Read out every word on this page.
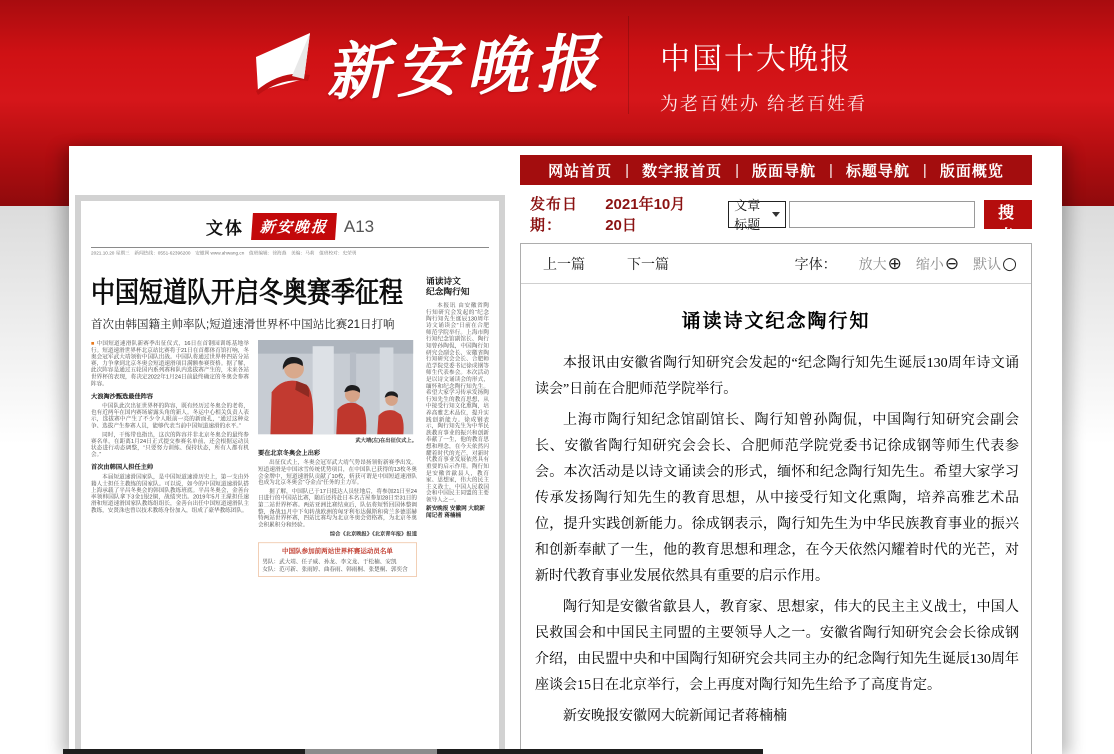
新安晚报 中国十大晚报
为老百姓办 给老百姓看
文体	新安晚报 A13
2021.10.20 星期三　新闻热线：0551-62396200　安徽网 www.ahwang.cn　值班编辑：徐海燕　美编：马莉　值班校对：史荣勇
中国短道队开启冬奥赛季征程
首次由韩国籍主帅率队;短道速滑世界杯中国站比赛21日打响

■ 中国短道速滑队新赛季出征仪式，16日在首钢园训练基地举行。短道速滑世界杯北京站比赛将于21日在首都体育馆打响，冬奥会冠军武大靖领衔中国队出战。中国队将通过世界杯四站分站赛，力争拿到北京冬奥会短道速滑项目满额参赛资格。据了解，此次阵容是通过五轮国内系列赛和队内选拔赛产生的，未来各站世界杯的表现，将决定2022年1月24日前最终确定的冬奥会参赛阵容。

大浪淘沙甄选最佳阵容

中国队此次出征世界杯的阵容，既有经历过冬奥会的老将，也有近两年在国内赛场崭露头角的新人。冬运中心相关负责人表示，选拔赛中产生了不少令人眼前一亮的新面孔，“通过这种竞争、选拔产生参赛人员，能够代表当前中国短道速滑的水平。”

同时，干练带也指出，这次的阵容并非北京冬奥会的最终参赛名单，在距离1月24日正式提交参赛名单前，还会根据运动员状态进行动态调整，“只要努力训练、保持状态，所有人都有机会。”

首次由韩国人担任主帅

本届短道速滑国家队，是中国短道速滑历史上，第一支由外籍人士担任主教练的国家队。可以说，如今的中国短道速滑队搭上海承载了平昌冬奥会的韩国队教练班底。平昌冬奥会，金善台率领韩国队拿下3金1银2铜，战绩突出。2019年5月王濛担任速滑和短道速滑国家队教练组组长，金善台出任中国短道速滑队主教练，安贤洙也曾以技术教练身份加入，组成了豪华教练团队。

武大靖(左)在出征仪式上。
要在北京冬奥会上出彩

出征仪式上，冬奥会冠军武大靖气势昂扬领衔新赛季出发。短道速滑是中国冰雪传统优势项目，在中国队已获得的13枚冬奥会金牌中，短道速滑队贡献了10枚，斩获可谓是中国短道速滑队也成为北京冬奥会“夺金点”任务的主力军。

据了解，中国队已于17日抵达人员驻地后，将参加21日至24日进行的中国站比赛，随后还将赴日本名古屋参加28日至31日的第二站世界杯赛。两站亚洲比赛结束后，队伍将短暂回国休整调整，备战11月中下旬转战欧洲的匈牙利布达佩斯和荷兰多德雷赫特两站世界杯赛，四站比赛均为北京冬奥会资格赛，为北京冬奥会积累积分和经验。

综合《北京晚报》《北京青年报》报道
中国队参加前两站世界杯赛运动员名单
男队：武大靖、任子威、孙龙、李文龙、于松楠、安凯
女队：范可新、张雨婷、曲春雨、韩雨桐、张楚桐、郭奕含
诵读诗文
纪念陶行知

本报讯 由安徽省陶行知研究会发起的“纪念陶行知先生诞辰130周年诗文诵读会”日前在合肥师范学院举行。上海市陶行知纪念馆副馆长、陶行知曾孙陶侃，中国陶行知研究会副会长、安徽省陶行知研究会会长、合肥师范学院党委书记徐成钢等师生代表参会。本次活动是以诗文诵读会的形式，缅怀和纪念陶行知先生。希望大家学习传承发扬陶行知先生的教育思想，从中接受行知文化熏陶，培养高雅艺术品位，提升实践创新能力。徐成钢表示，陶行知先生为中华民族教育事业的振兴和创新奉献了一生，他的教育思想和理念，在今天依然闪耀着时代的光芒，对新时代教育事业发展依然具有重要的启示作用。陶行知是安徽省歙县人，教育家、思想家，伟大的民主主义战士，中国人民救国会和中国民主同盟的主要领导人之一。

新安晚报 安徽网 大皖新闻记者 蒋楠楠
网站首页 | 数字报首页 | 版面导航 | 标题导航 | 版面概览
发布日期：
2021年10月20日
文章标题
搜 索
上一篇	下一篇	字体： 放大 ⊕ 缩小 ⊖ 默认 ○
诵读诗文纪念陶行知

本报讯由安徽省陶行知研究会发起的“纪念陶行知先生诞辰130周年诗文诵读会”日前在合肥师范学院举行。

上海市陶行知纪念馆副馆长、陶行知曾孙陶侃，中国陶行知研究会副会长、安徽省陶行知研究会会长、合肥师范学院党委书记徐成钢等师生代表参会。本次活动是以诗文诵读会的形式，缅怀和纪念陶行知先生。希望大家学习传承发扬陶行知先生的教育思想，从中接受行知文化熏陶，培养高雅艺术品位，提升实践创新能力。徐成钢表示，陶行知先生为中华民族教育事业的振兴和创新奉献了一生，他的教育思想和理念，在今天依然闪耀着时代的光芒，对新时代教育事业发展依然具有重要的启示作用。

陶行知是安徽省歙县人，教育家、思想家，伟大的民主主义战士，中国人民救国会和中国民主同盟的主要领导人之一。安徽省陶行知研究会会长徐成钢介绍，由民盟中央和中国陶行知研究会共同主办的纪念陶行知先生诞辰130周年座谈会15日在北京举行，会上再度对陶行知先生给予了高度肯定。

新安晚报安徽网大皖新闻记者蒋楠楠
